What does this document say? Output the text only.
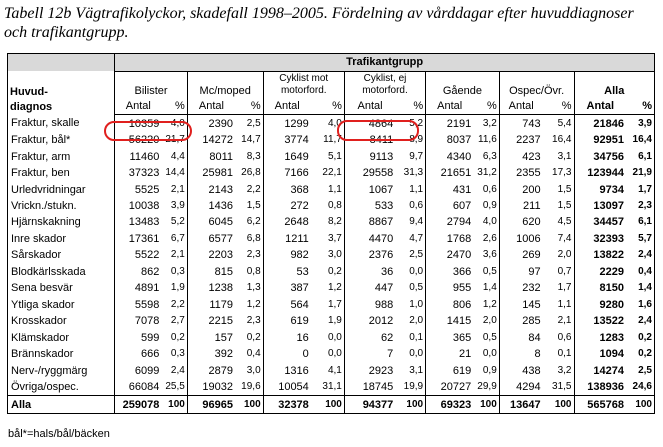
Tabell 12b Vägtrafikolyckor, skadefall 1998–2005. Fördelning av vårddagar efter huvuddiagnoser och trafikantgrupp.
	Trafikantgrupp													
Huvud-
diagnos	Bilister		Mc/moped		Cyklist mot
motorford.		Cyklist, ej
motorford.		Gående		Ospec/Övr.		Alla	
	Antal	%	Antal	%	Antal	%	Antal	%	Antal	%	Antal	%	Antal	%
Fraktur, skalle	10359	4,0	2390	2,5	1299	4,0	4864	5,2	2191	3,2	743	5,4	21846	3,9
Fraktur, bål*	56220	21,7	14272	14,7	3774	11,7	8411	8,9	8037	11,6	2237	16,4	92951	16,4
Fraktur, arm	11460	4,4	8011	8,3	1649	5,1	9113	9,7	4340	6,3	423	3,1	34756	6,1
Fraktur, ben	37323	14,4	25981	26,8	7166	22,1	29558	31,3	21651	31,2	2355	17,3	123944	21,9
Urledvridningar	5525	2,1	2143	2,2	368	1,1	1067	1,1	431	0,6	200	1,5	9734	1,7
Vrickn./stukn.	10038	3,9	1436	1,5	272	0,8	533	0,6	607	0,9	211	1,5	13097	2,3
Hjärnskakning	13483	5,2	6045	6,2	2648	8,2	8867	9,4	2794	4,0	620	4,5	34457	6,1
Inre skador	17361	6,7	6577	6,8	1211	3,7	4470	4,7	1768	2,6	1006	7,4	32393	5,7
Sårskador	5522	2,1	2203	2,3	982	3,0	2376	2,5	2470	3,6	269	2,0	13822	2,4
Blodkärlsskada	862	0,3	815	0,8	53	0,2	36	0,0	366	0,5	97	0,7	2229	0,4
Sena besvär	4891	1,9	1238	1,3	387	1,2	447	0,5	955	1,4	232	1,7	8150	1,4
Ytliga skador	5598	2,2	1179	1,2	564	1,7	988	1,0	806	1,2	145	1,1	9280	1,6
Krosskador	7078	2,7	2215	2,3	619	1,9	2012	2,0	1415	2,0	285	2,1	13522	2,4
Klämskador	599	0,2	157	0,2	16	0,0	62	0,1	365	0,5	84	0,6	1283	0,2
Brännskador	666	0,3	392	0,4	0	0,0	7	0,0	21	0,0	8	0,1	1094	0,2
Nerv-/ryggmärg	6099	2,4	2879	3,0	1316	4,1	2923	3,1	619	0,9	438	3,2	14274	2,5
Övriga/ospec.	66084	25,5	19032	19,6	10054	31,1	18745	19,9	20727	29,9	4294	31,5	138936	24,6
Alla	259078	100	96965	100	32378	100	94377	100	69323	100	13647	100	565768	100
bål*=hals/bål/bäcken
